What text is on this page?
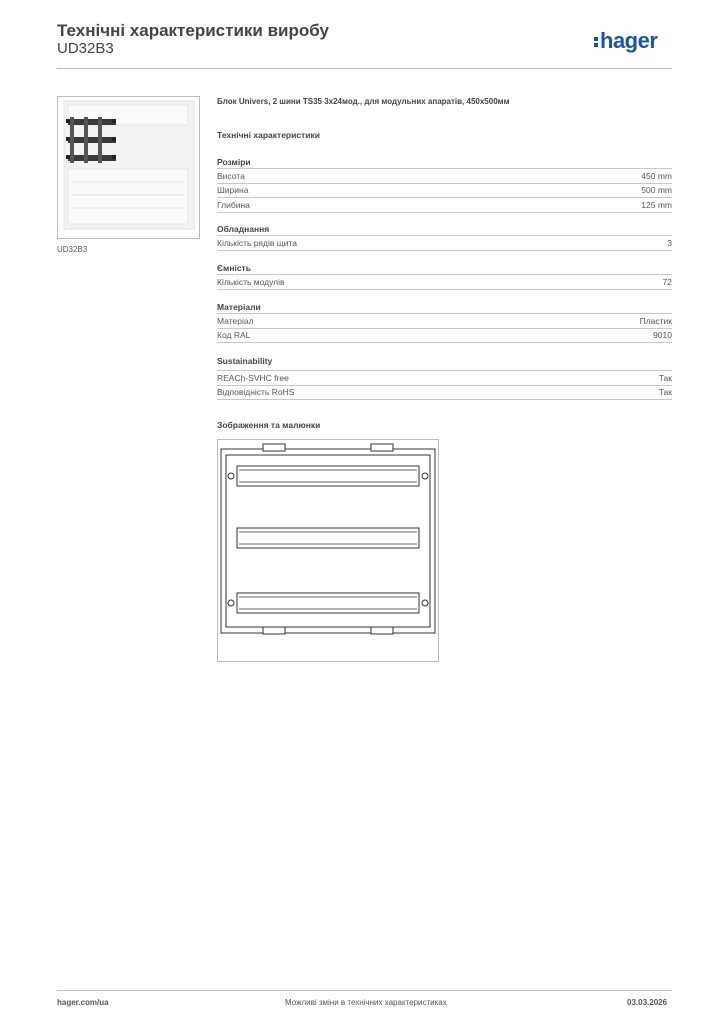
Технічні характеристики виробу
UD32B3	hager
UD32B3
Блок Univers, 2 шини TS35 3x24мод., для модульних апаратів, 450x500мм
Технічні характеристики
Розміри
Висота	450 mm
Ширина	500 mm
Глибина	125 mm
Обладнання
Кількість рядів щита	3
Ємність
Кількість модулів	72
Матеріали
Матеріал	Пластик
Код RAL	9010
Sustainability
REACh-SVHC free	Так
Відповідність RoHS	Так
Зображення та малюнки
hager.com/ua	Можливі зміни в технічних характеристиках	03.03.2026
